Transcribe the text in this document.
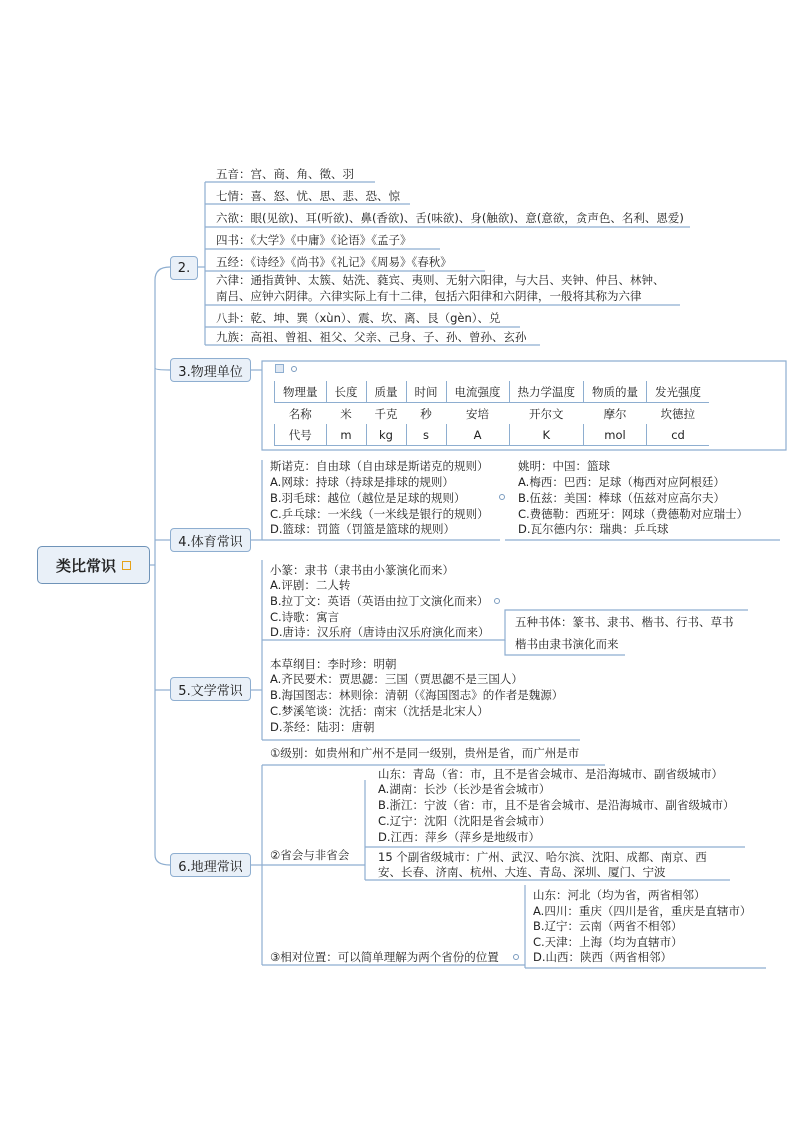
类比常识
2.
五音：宫、商、角、徵、羽
七情：喜、怒、忧、思、悲、恐、惊
六欲：眼(见欲)、耳(听欲)、鼻(香欲)、舌(味欲)、身(触欲)、意(意欲，贪声色、名利、恩爱)
四书：《大学》《中庸》《论语》《孟子》
五经：《诗经》《尚书》《礼记》《周易》《春秋》
六律：通指黄钟、太簇、姑洗、蕤宾、夷则、无射六阳律，与大吕、夹钟、仲吕、林钟、
南吕、应钟六阴律。六律实际上有十二律，包括六阳律和六阴律，一般将其称为六律
八卦：乾、坤、巽（xùn）、震、坎、离、艮（gèn）、兑
九族：高祖、曾祖、祖父、父亲、己身、子、孙、曾孙、玄孙
3.物理单位
物理量	长度	质量	时间	电流强度	热力学温度	物质的量	发光强度
名称	米	千克	秒	安培	开尔文	摩尔	坎德拉
代号	m	kg	s	A	K	mol	cd
4.体育常识
斯诺克：自由球（自由球是斯诺克的规则）
A.网球：持球（持球是排球的规则）
B.羽毛球：越位（越位是足球的规则）
C.乒乓球：一米线（一米线是银行的规则）
D.篮球：罚篮（罚篮是篮球的规则）
姚明：中国：篮球
A.梅西：巴西：足球（梅西对应阿根廷）
B.伍兹：美国：棒球（伍兹对应高尔夫）
C.费德勒：西班牙：网球（费德勒对应瑞士）
D.瓦尔德内尔：瑞典：乒乓球
5.文学常识
小篆：隶书（隶书由小篆演化而来）
A.评剧：二人转
B.拉丁文：英语（英语由拉丁文演化而来）
C.诗歌：寓言
D.唐诗：汉乐府（唐诗由汉乐府演化而来）
五种书体：篆书、隶书、楷书、行书、草书
楷书由隶书演化而来
本草纲目：李时珍：明朝
A.齐民要术：贾思勰：三国（贾思勰不是三国人）
B.海国图志：林则徐：清朝（《海国图志》的作者是魏源）
C.梦溪笔谈：沈括：南宋（沈括是北宋人）
D.茶经：陆羽：唐朝
6.地理常识
①级别：如贵州和广州不是同一级别，贵州是省，而广州是市
②省会与非省会
山东：青岛（省：市，且不是省会城市、是沿海城市、副省级城市）
A.湖南：长沙（长沙是省会城市）
B.浙江：宁波（省：市，且不是省会城市、是沿海城市、副省级城市）
C.辽宁：沈阳（沈阳是省会城市）
D.江西：萍乡（萍乡是地级市）
15 个副省级城市：广州、武汉、哈尔滨、沈阳、成都、南京、西安、长春、济南、杭州、大连、青岛、深圳、厦门、宁波
③相对位置：可以简单理解为两个省份的位置
山东：河北（均为省，两省相邻）
A.四川：重庆（四川是省，重庆是直辖市）
B.辽宁：云南（两省不相邻）
C.天津：上海（均为直辖市）
D.山西：陕西（两省相邻）
